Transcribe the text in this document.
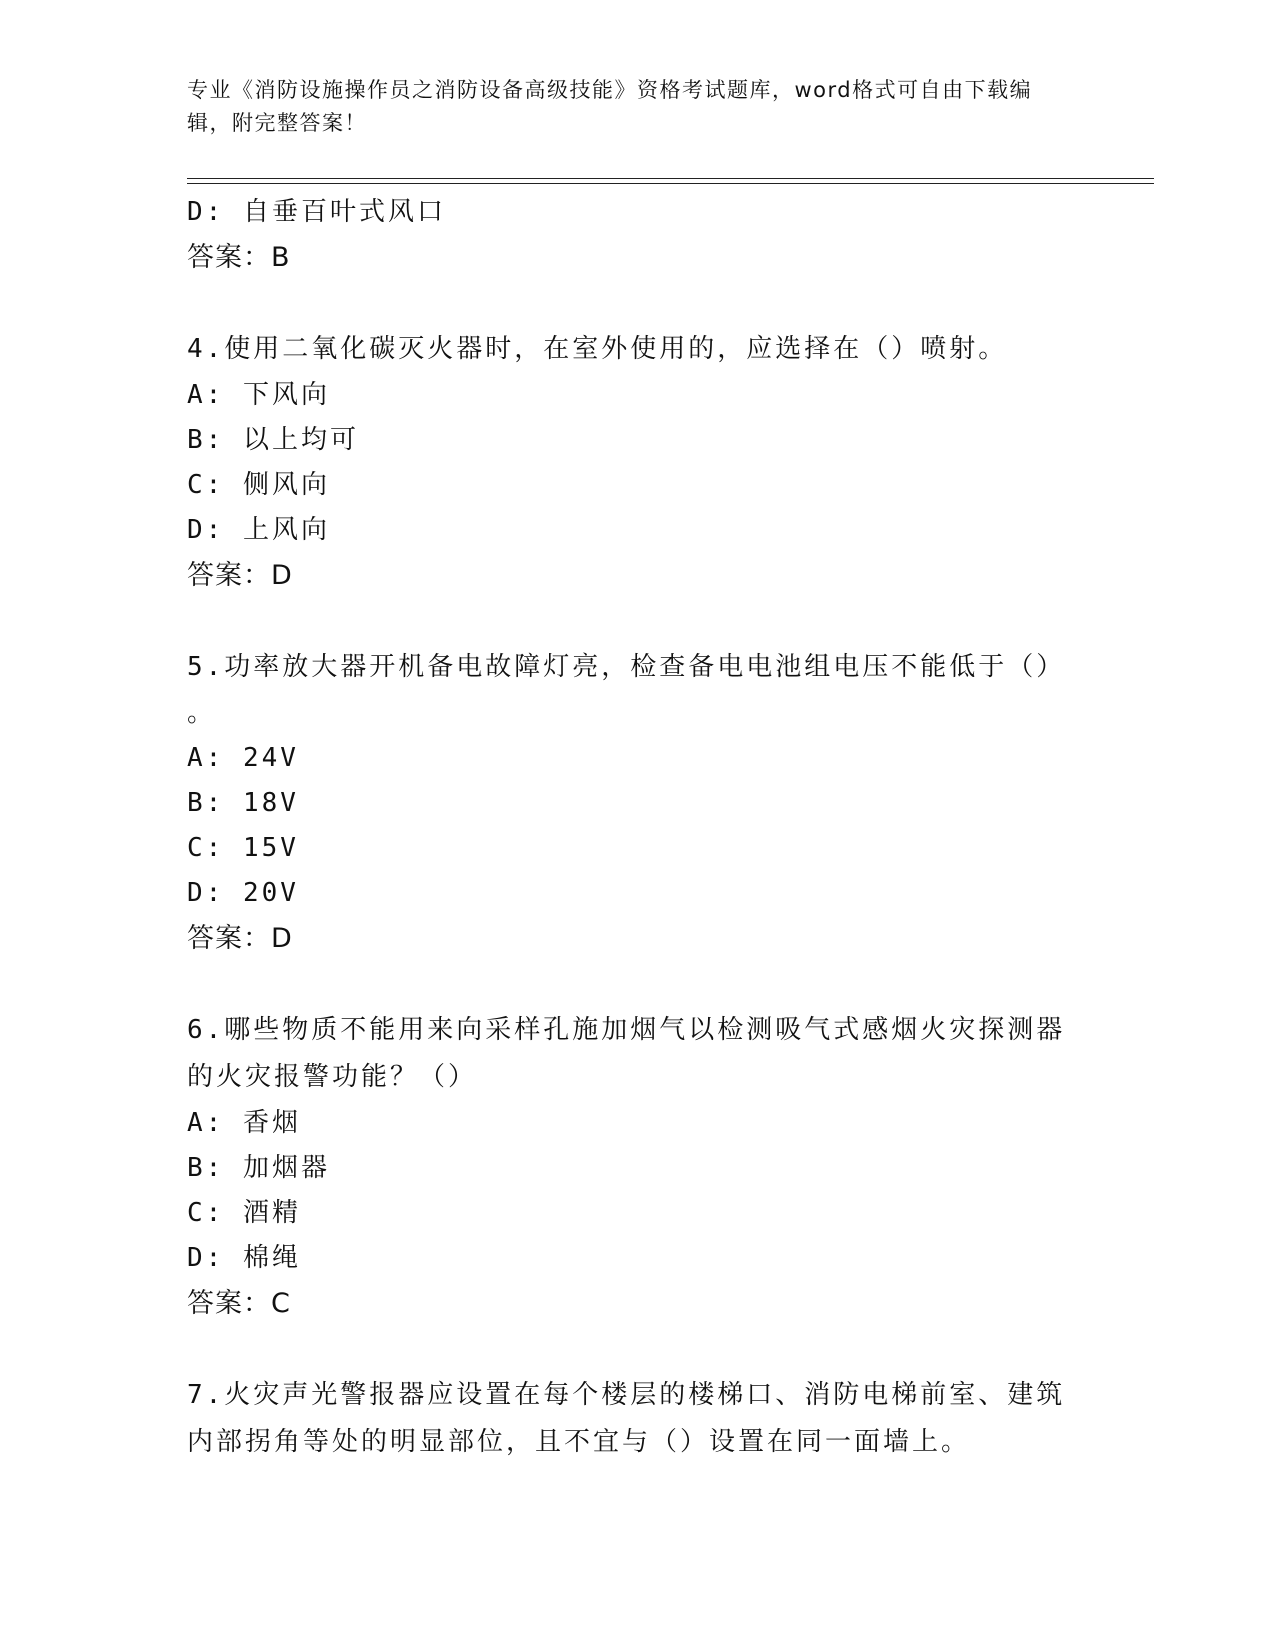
专业《消防设施操作员之消防设备高级技能》资格考试题库，word格式可自由下载编辑，附完整答案！
D: 自垂百叶式风口
答案：B
4.使用二氧化碳灭火器时，在室外使用的，应选择在（）喷射。
A: 下风向
B: 以上均可
C: 侧风向
D: 上风向
答案：D
5.功率放大器开机备电故障灯亮，检查备电电池组电压不能低于（）
。
A: 24V
B: 18V
C: 15V
D: 20V
答案：D
6.哪些物质不能用来向采样孔施加烟气以检测吸气式感烟火灾探测器
的火灾报警功能？（）
A: 香烟
B: 加烟器
C: 酒精
D: 棉绳
答案：C
7.火灾声光警报器应设置在每个楼层的楼梯口、消防电梯前室、建筑
内部拐角等处的明显部位，且不宜与（）设置在同一面墙上。
